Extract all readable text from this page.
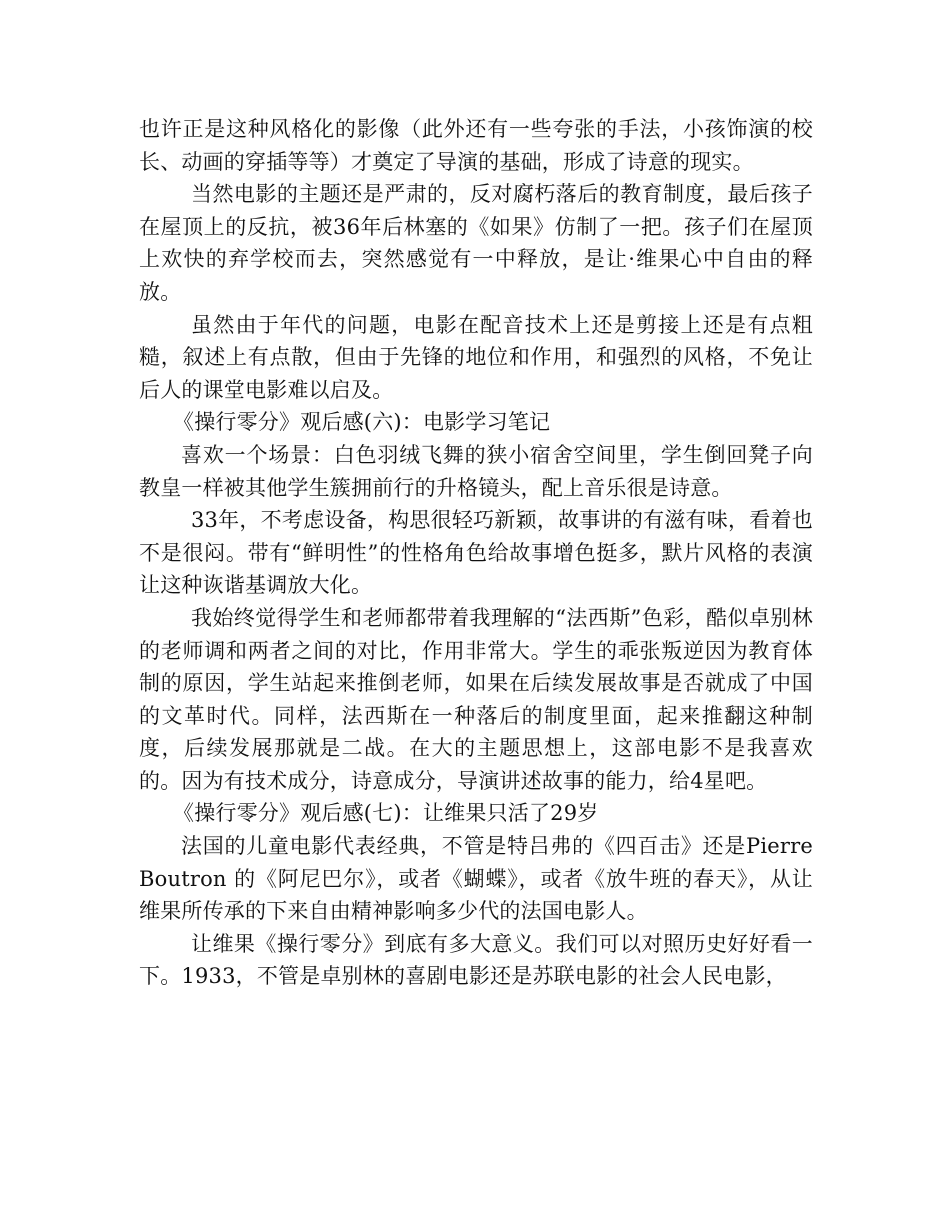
也许正是这种风格化的影像（此外还有一些夸张的手法，小孩饰演的校长、动画的穿插等等）才奠定了导演的基础，形成了诗意的现实。

当然电影的主题还是严肃的，反对腐朽落后的教育制度，最后孩子在屋顶上的反抗，被36年后林塞的《如果》仿制了一把。孩子们在屋顶上欢快的弃学校而去，突然感觉有一中释放，是让·维果心中自由的释放。

虽然由于年代的问题，电影在配音技术上还是剪接上还是有点粗糙，叙述上有点散，但由于先锋的地位和作用，和强烈的风格，不免让后人的课堂电影难以启及。

《操行零分》观后感(六)：电影学习笔记

喜欢一个场景：白色羽绒飞舞的狭小宿舍空间里，学生倒回凳子向教皇一样被其他学生簇拥前行的升格镜头，配上音乐很是诗意。

33年，不考虑设备，构思很轻巧新颖，故事讲的有滋有味，看着也不是很闷。带有“鲜明性”的性格角色给故事增色挺多，默片风格的表演让这种诙谐基调放大化。

我始终觉得学生和老师都带着我理解的“法西斯”色彩，酷似卓别林的老师调和两者之间的对比，作用非常大。学生的乖张叛逆因为教育体制的原因，学生站起来推倒老师，如果在后续发展故事是否就成了中国的文革时代。同样，法西斯在一种落后的制度里面，起来推翻这种制度，后续发展那就是二战。在大的主题思想上，这部电影不是我喜欢的。因为有技术成分，诗意成分，导演讲述故事的能力，给4星吧。

《操行零分》观后感(七)：让维果只活了29岁

法国的儿童电影代表经典，不管是特吕弗的《四百击》还是Pierre Boutron 的《阿尼巴尔》，或者《蝴蝶》，或者《放牛班的春天》，从让维果所传承的下来自由精神影响多少代的法国电影人。

让维果《操行零分》到底有多大意义。我们可以对照历史好好看一下。1933，不管是卓别林的喜剧电影还是苏联电影的社会人民电影，
